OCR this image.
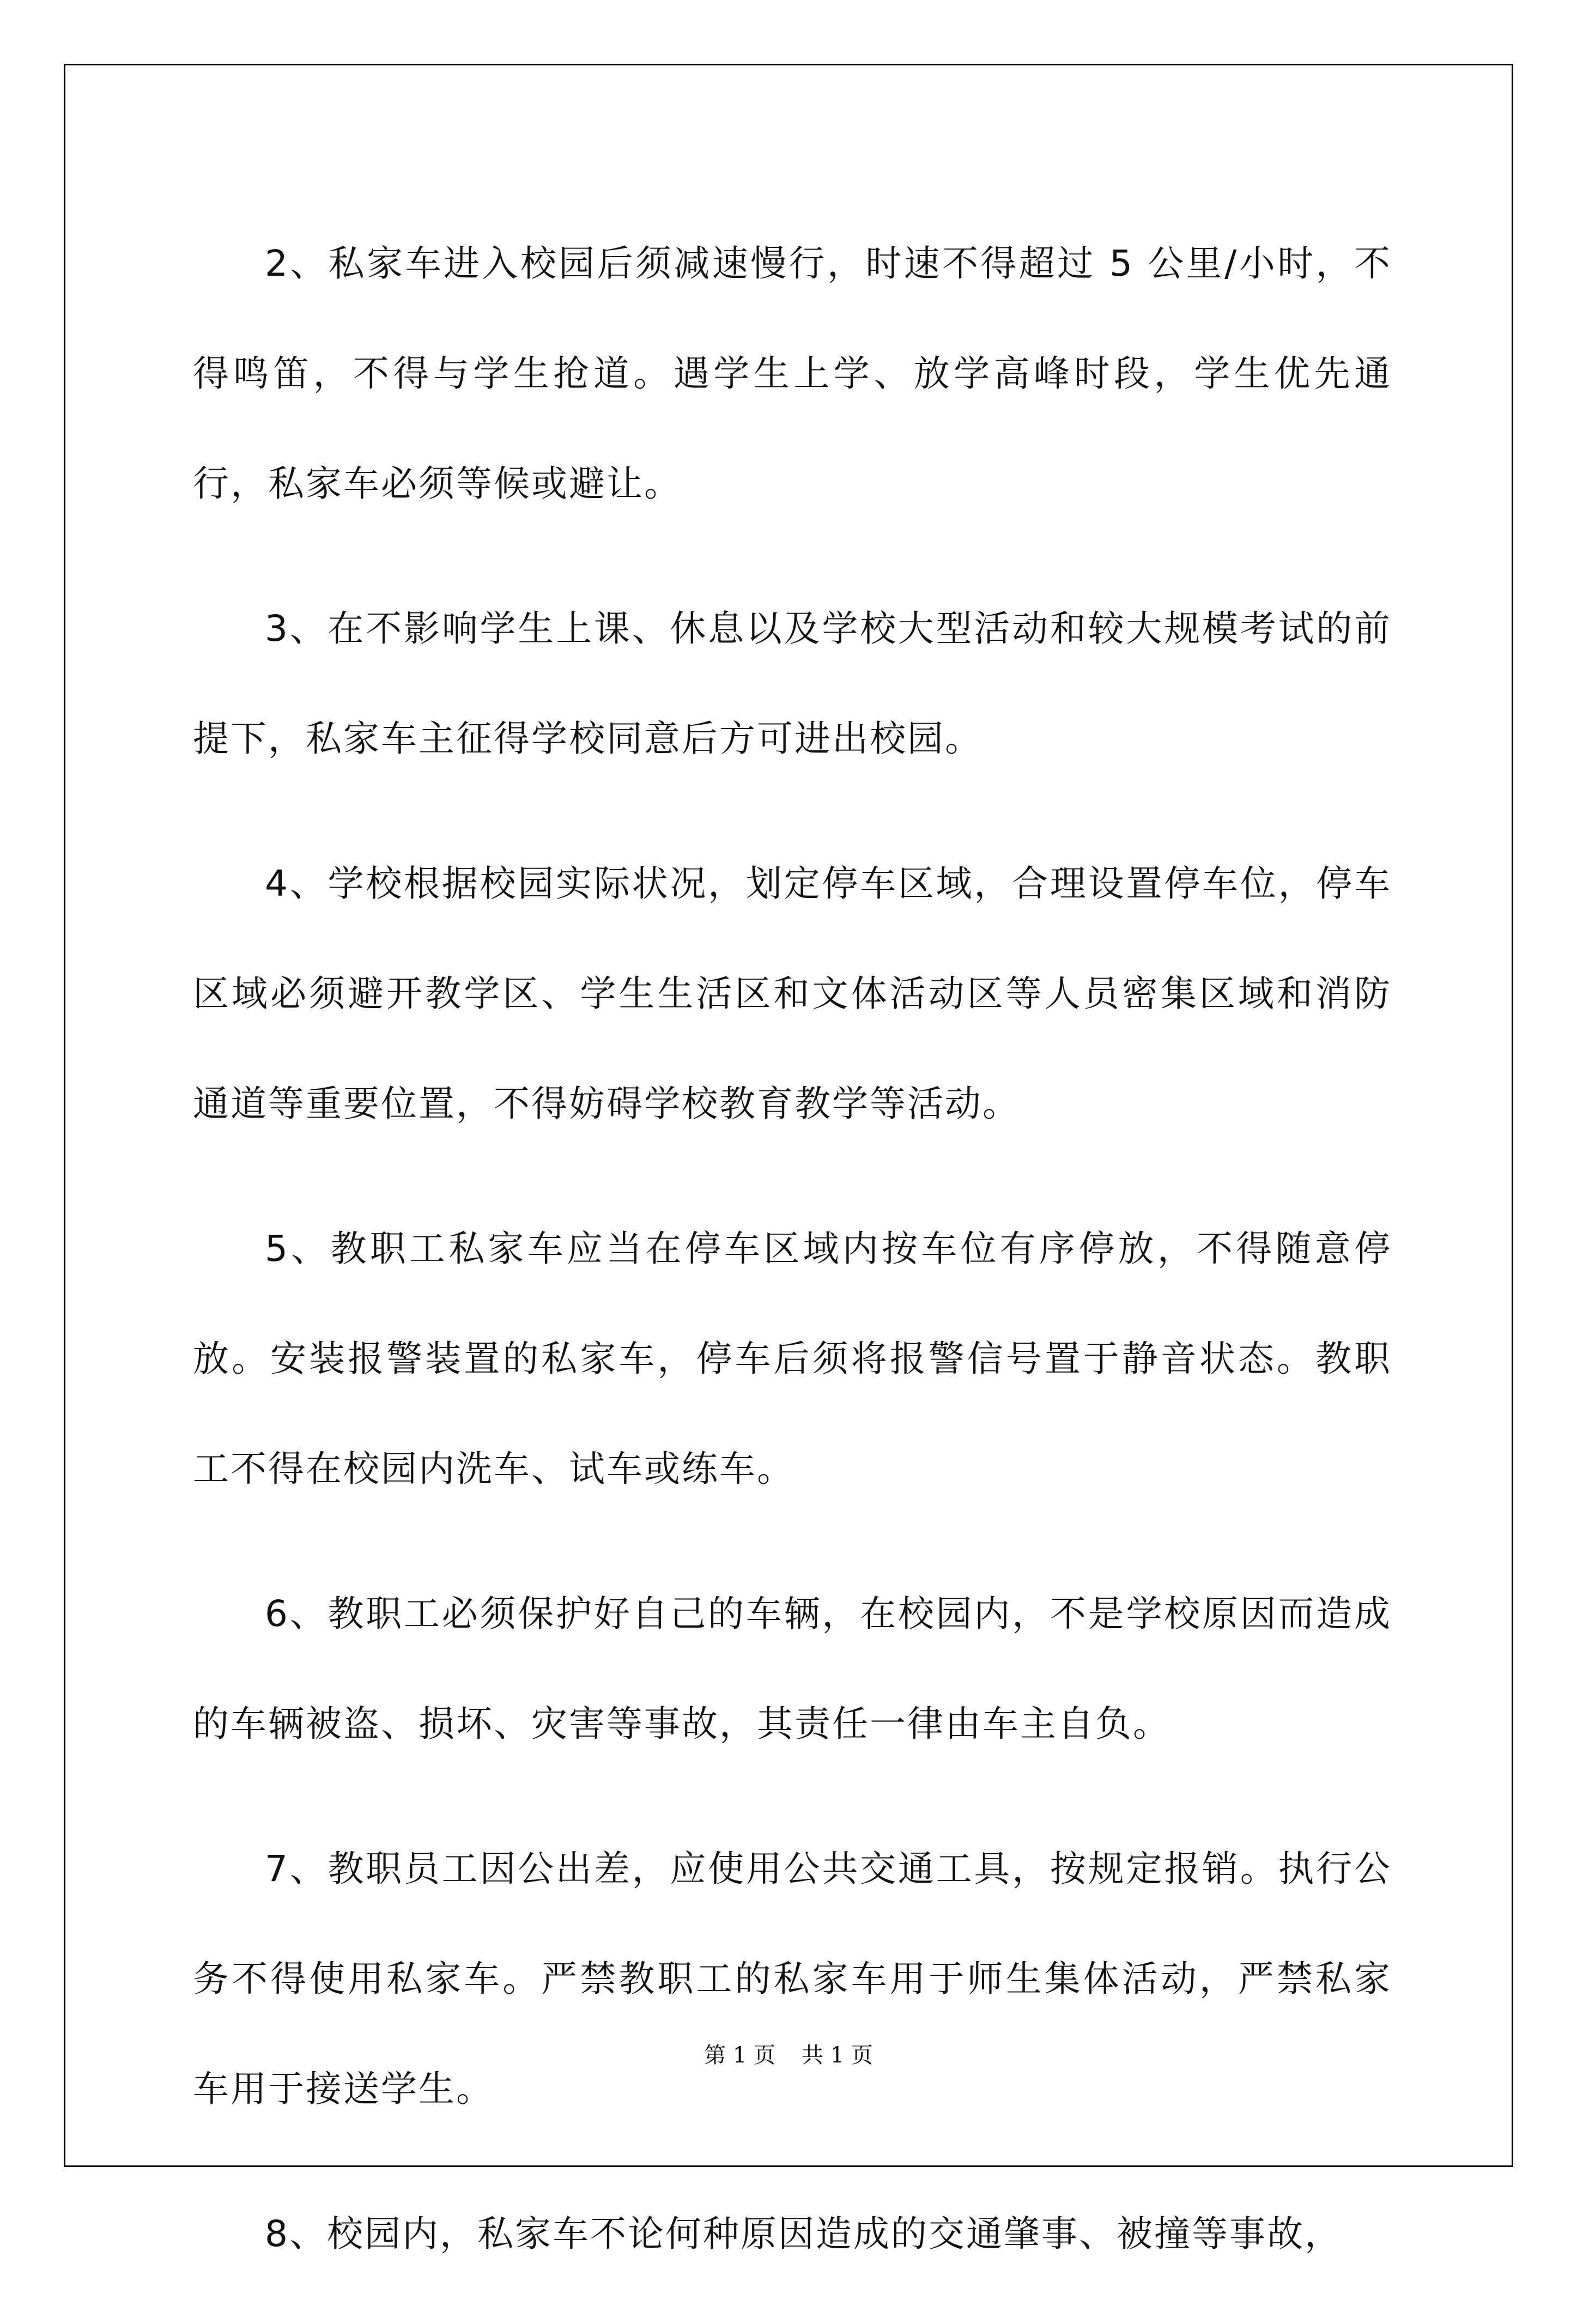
2、私家车进入校园后须减速慢行，时速不得超过 5 公里/小时，不得鸣笛，不得与学生抢道。遇学生上学、放学高峰时段，学生优先通行，私家车必须等候或避让。

3、在不影响学生上课、休息以及学校大型活动和较大规模考试的前提下，私家车主征得学校同意后方可进出校园。

4、学校根据校园实际状况，划定停车区域，合理设置停车位，停车区域必须避开教学区、学生生活区和文体活动区等人员密集区域和消防通道等重要位置，不得妨碍学校教育教学等活动。

5、教职工私家车应当在停车区域内按车位有序停放，不得随意停放。安装报警装置的私家车，停车后须将报警信号置于静音状态。教职工不得在校园内洗车、试车或练车。

6、教职工必须保护好自己的车辆，在校园内，不是学校原因而造成的车辆被盗、损坏、灾害等事故，其责任一律由车主自负。

7、教职员工因公出差，应使用公共交通工具，按规定报销。执行公务不得使用私家车。严禁教职工的私家车用于师生集体活动，严禁私家车用于接送学生。

8、校园内，私家车不论何种原因造成的交通肇事、被撞等事故，

第 1 页 共 1 页
